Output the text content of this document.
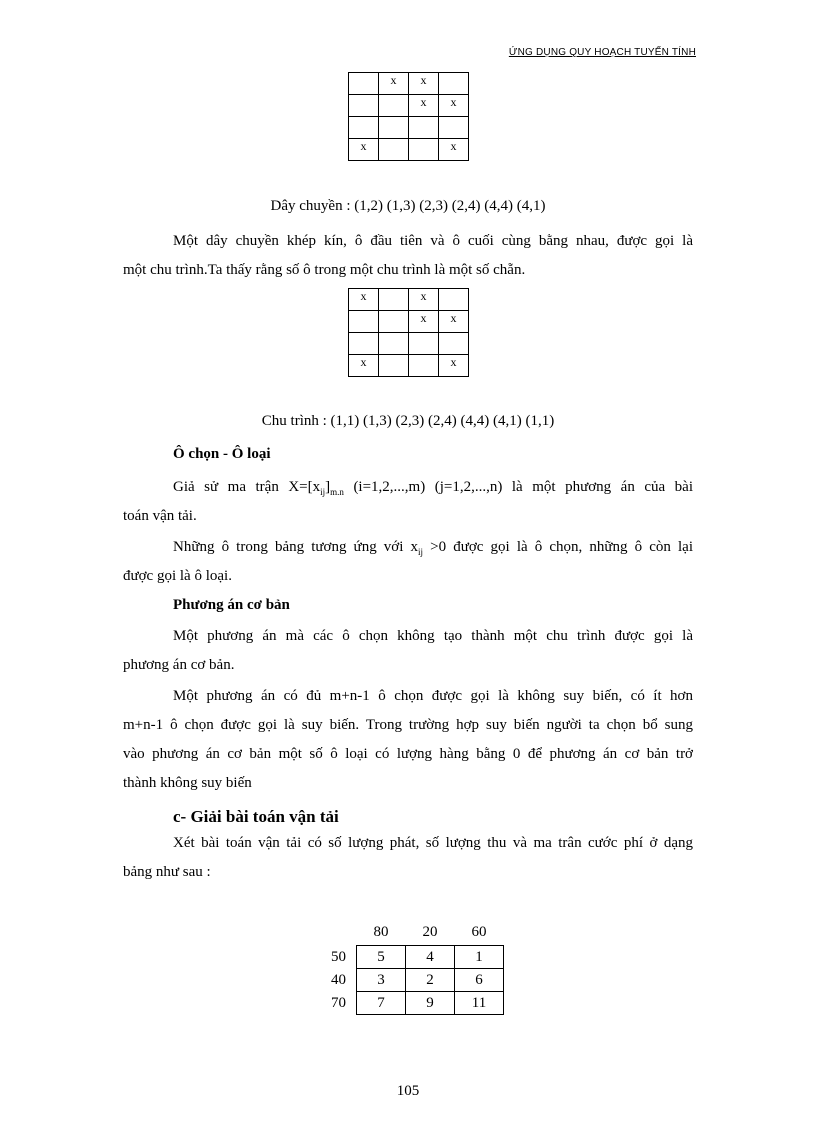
ỨNG DỤNG QUY HOẠCH TUYẾN TÍNH
	x	x	
		x	x

x			x
Dây chuyền : (1,2) (1,3) (2,3) (2,4) (4,4) (4,1)
Một dây chuyền khép kín, ô đầu tiên và ô cuối cùng bằng nhau, được gọi là
một chu trình.Ta thấy rằng số ô trong một chu trình là một số chẵn.
x		x	
		x	x

x			x
Chu trình : (1,1) (1,3) (2,3) (2,4) (4,4) (4,1) (1,1)
Ô chọn - Ô loại
Giả sử ma trận $X=[x_{ij}]_{m.n}$ (i=1,2,...,m) (j=1,2,...,n) là một phương án của bài
toán vận tải.
Những ô trong bảng tương ứng với $x_{ij} >0$ được gọi là ô chọn, những ô còn lại
được gọi là ô loại.
Phương án cơ bản
Một phương án mà các ô chọn không tạo thành một chu trình được gọi là
phương án cơ bản.
Một phương án có đủ m+n-1 ô chọn được gọi là không suy biến, có ít hơn
m+n-1 ô chọn được gọi là suy biến. Trong trường hợp suy biến người ta chọn bổ sung
vào phương án cơ bản một số ô loại có lượng hàng bằng 0 để phương án cơ bản trở
thành không suy biến
c- Giải bài toán vận tải
Xét bài toán vận tải có số lượng phát, số lượng thu và ma trân cước phí ở dạng
bảng như sau :
	80	20	60
50	5	4	1
40	3	2	6
70	7	9	11
105
